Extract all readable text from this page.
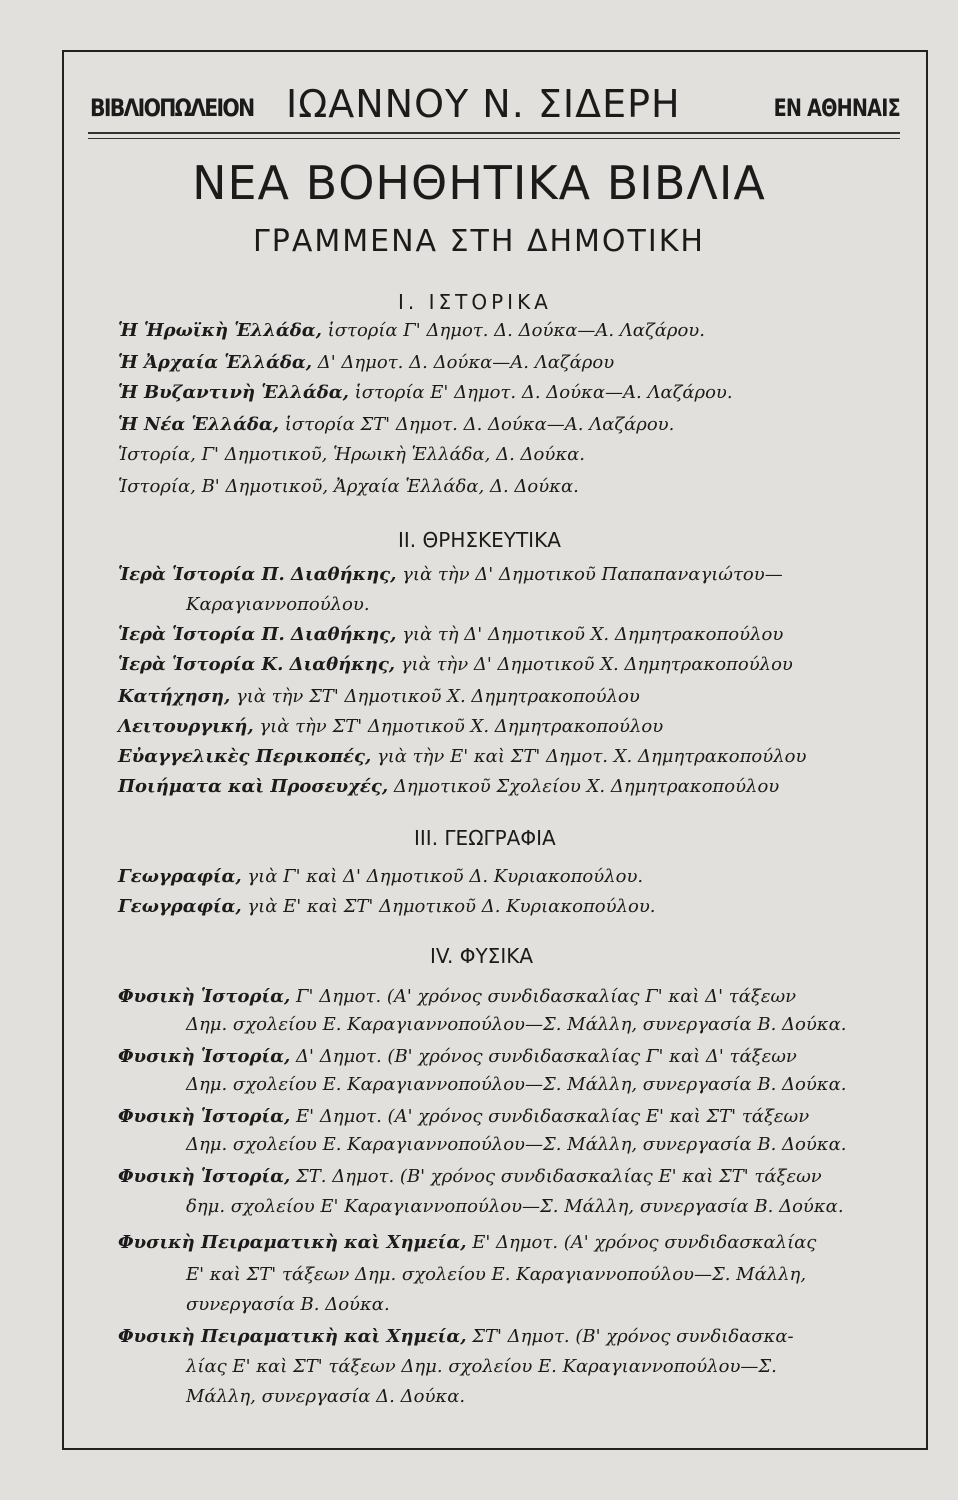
ΒΙΒΛΙΟΠΩΛΕΙΟΝ ΙΩΑΝΝΟΥ Ν. ΣΙΔΕΡΗ	ΕΝ ΑΘΗΝΑΙΣ
ΝΕΑ ΒΟΗΘΗΤΙΚΑ ΒΙΒΛΙΑ
ΓΡΑΜΜΕΝΑ ΣΤΗ ΔΗΜΟΤΙΚΗ
Ι. ΙΣΤΟΡΙΚΑ
Ἡ Ἡρωϊκὴ Ἑλλάδα, ἱστορία Γ' Δημοτ. Δ. Δούκα—Α. Λαζάρου.
Ἡ Ἀρχαία Ἑλλάδα, Δ' Δημοτ. Δ. Δούκα—Α. Λαζάρου
Ἡ Βυζαντινὴ Ἑλλάδα, ἱστορία Ε' Δημοτ. Δ. Δούκα—Α. Λαζάρου.
Ἡ Νέα Ἑλλάδα, ἱστορία ΣΤ' Δημοτ. Δ. Δούκα—Α. Λαζάρου.
Ἱστορία, Γ' Δημοτικοῦ, Ἡρωικὴ Ἑλλάδα, Δ. Δούκα.
Ἱστορία, Β' Δημοτικοῦ, Ἀρχαία Ἑλλάδα, Δ. Δούκα.
ΙΙ. ΘΡΗΣΚΕΥΤΙΚΑ
Ἱερὰ Ἱστορία Π. Διαθήκης, γιὰ τὴν Δ' Δημοτικοῦ Παπαπαναγιώτου—
Καραγιαννοπούλου.
Ἱερὰ Ἱστορία Π. Διαθήκης, γιὰ τὴ Δ' Δημοτικοῦ Χ. Δημητρακοπούλου
Ἱερὰ Ἱστορία Κ. Διαθήκης, γιὰ τὴν Δ' Δημοτικοῦ Χ. Δημητρακοπούλου
Κατήχηση, γιὰ τὴν ΣΤ' Δημοτικοῦ Χ. Δημητρακοπούλου
Λειτουργική, γιὰ τὴν ΣΤ' Δημοτικοῦ Χ. Δημητρακοπούλου
Εὐαγγελικὲς Περικοπές, γιὰ τὴν Ε' καὶ ΣΤ' Δημοτ. Χ. Δημητρακοπούλου
Ποιήματα καὶ Προσευχές, Δημοτικοῦ Σχολείου Χ. Δημητρακοπούλου
ΙΙΙ. ΓΕΩΓΡΑΦΙΑ
Γεωγραφία, γιὰ Γ' καὶ Δ' Δημοτικοῦ Δ. Κυριακοπούλου.
Γεωγραφία, γιὰ Ε' καὶ ΣΤ' Δημοτικοῦ Δ. Κυριακοπούλου.
IV. ΦΥΣΙΚΑ
Φυσικὴ Ἱστορία, Γ' Δημοτ. (Α' χρόνος συνδιδασκαλίας Γ' καὶ Δ' τάξεων
Δημ. σχολείου Ε. Καραγιαννοπούλου—Σ. Μάλλη, συνεργασία Β. Δούκα.
Φυσικὴ Ἱστορία, Δ' Δημοτ. (Β' χρόνος συνδιδασκαλίας Γ' καὶ Δ' τάξεων
Δημ. σχολείου Ε. Καραγιαννοπούλου—Σ. Μάλλη, συνεργασία Β. Δούκα.
Φυσικὴ Ἱστορία, Ε' Δημοτ. (Α' χρόνος συνδιδασκαλίας Ε' καὶ ΣΤ' τάξεων
Δημ. σχολείου Ε. Καραγιαννοπούλου—Σ. Μάλλη, συνεργασία Β. Δούκα.
Φυσικὴ Ἱστορία, ΣΤ. Δημοτ. (Β' χρόνος συνδιδασκαλίας Ε' καὶ ΣΤ' τάξεων
δημ. σχολείου Ε' Καραγιαννοπούλου—Σ. Μάλλη, συνεργασία Β. Δούκα.
Φυσικὴ Πειραματικὴ καὶ Χημεία, Ε' Δημοτ. (Α' χρόνος συνδιδασκαλίας
Ε' καὶ ΣΤ' τάξεων Δημ. σχολείου Ε. Καραγιαννοπούλου—Σ. Μάλλη,
συνεργασία Β. Δούκα.
Φυσικὴ Πειραματικὴ καὶ Χημεία, ΣΤ' Δημοτ. (Β' χρόνος συνδιδασκα-
λίας Ε' καὶ ΣΤ' τάξεων Δημ. σχολείου Ε. Καραγιαννοπούλου—Σ.
Μάλλη, συνεργασία Δ. Δούκα.
